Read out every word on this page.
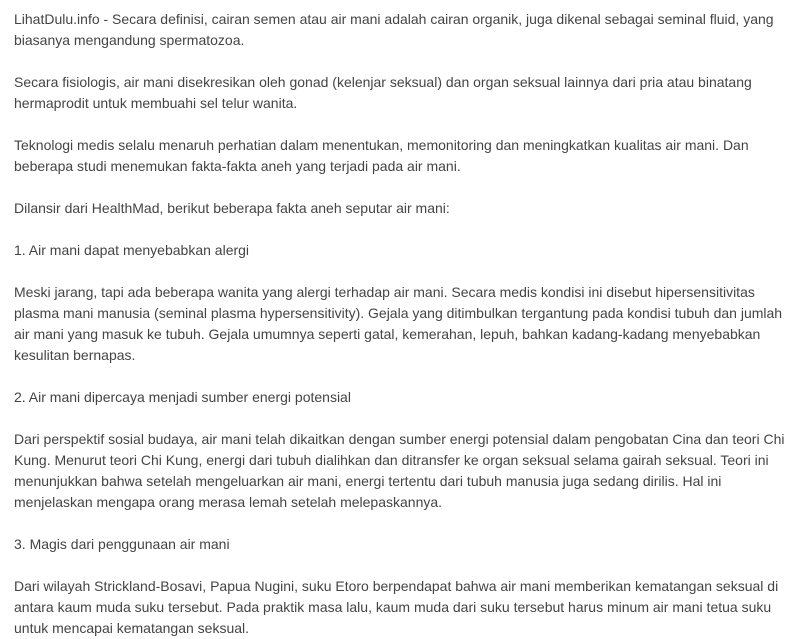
LihatDulu.info - Secara definisi, cairan semen atau air mani adalah cairan organik, juga dikenal sebagai seminal fluid, yang biasanya mengandung spermatozoa.

Secara fisiologis, air mani disekresikan oleh gonad (kelenjar seksual) dan organ seksual lainnya dari pria atau binatang hermaprodit untuk membuahi sel telur wanita.

Teknologi medis selalu menaruh perhatian dalam menentukan, memonitoring dan meningkatkan kualitas air mani. Dan beberapa studi menemukan fakta-fakta aneh yang terjadi pada air mani.

Dilansir dari HealthMad, berikut beberapa fakta aneh seputar air mani:

1. Air mani dapat menyebabkan alergi

Meski jarang, tapi ada beberapa wanita yang alergi terhadap air mani. Secara medis kondisi ini disebut hipersensitivitas plasma mani manusia (seminal plasma hypersensitivity). Gejala yang ditimbulkan tergantung pada kondisi tubuh dan jumlah air mani yang masuk ke tubuh. Gejala umumnya seperti gatal, kemerahan, lepuh, bahkan kadang-kadang menyebabkan kesulitan bernapas.

2. Air mani dipercaya menjadi sumber energi potensial

Dari perspektif sosial budaya, air mani telah dikaitkan dengan sumber energi potensial dalam pengobatan Cina dan teori Chi Kung. Menurut teori Chi Kung, energi dari tubuh dialihkan dan ditransfer ke organ seksual selama gairah seksual. Teori ini menunjukkan bahwa setelah mengeluarkan air mani, energi tertentu dari tubuh manusia juga sedang dirilis. Hal ini menjelaskan mengapa orang merasa lemah setelah melepaskannya.

3. Magis dari penggunaan air mani

Dari wilayah Strickland-Bosavi, Papua Nugini, suku Etoro berpendapat bahwa air mani memberikan kematangan seksual di antara kaum muda suku tersebut. Pada praktik masa lalu, kaum muda dari suku tersebut harus minum air mani tetua suku untuk mencapai kematangan seksual.
